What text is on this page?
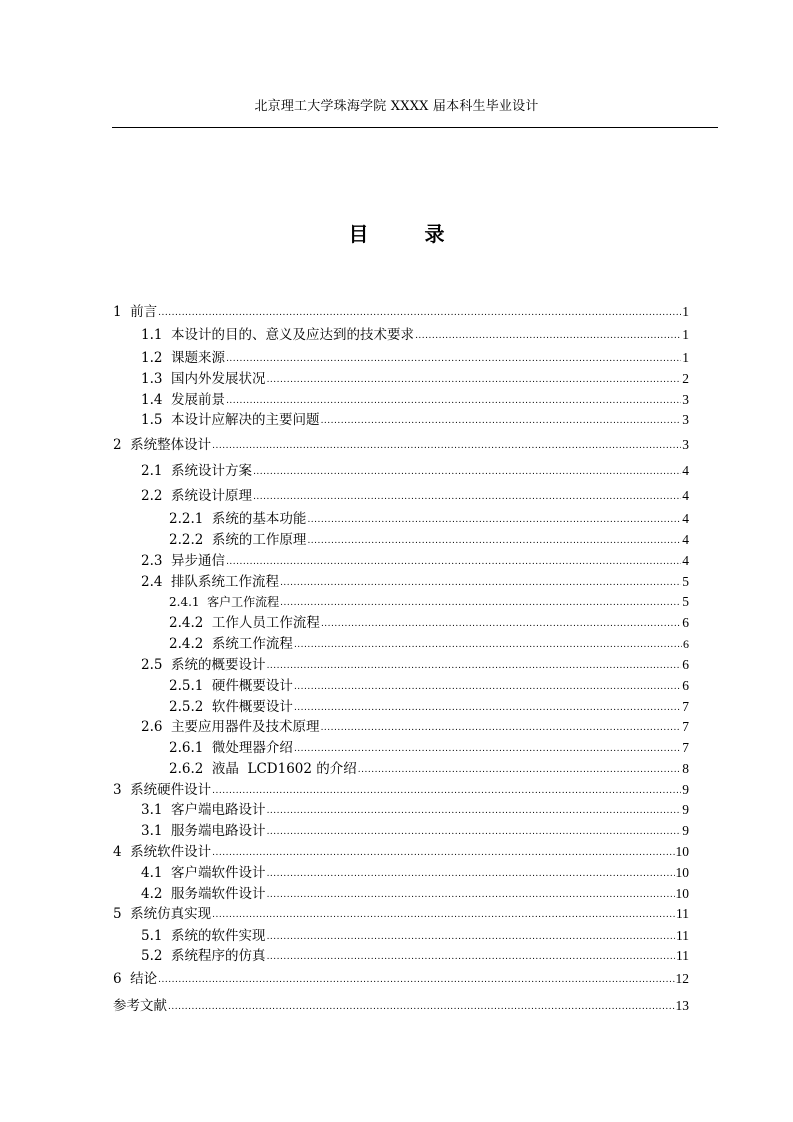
北京理工大学珠海学院 XXXX 届本科生毕业设计
目　录
1  前言 .....	1
1.1  本设计的目的、意义及应达到的技术要求 .....	1
1.2  课题来源 .....	1
1.3  国内外发展状况 .....	2
1.4  发展前景 .....	3
1.5  本设计应解决的主要问题 .....	3
2  系统整体设计 .....	3
2.1  系统设计方案 .....	4
2.2  系统设计原理 .....	4
2.2.1  系统的基本功能 .....	4
2.2.2  系统的工作原理 .....	4
2.3  异步通信 .....	4
2.4  排队系统工作流程 .....	5
2.4.1  客户工作流程 .....	5
2.4.2  工作人员工作流程 .....	6
2.4.2  系统工作流程 .....	6
2.5  系统的概要设计 .....	6
2.5.1  硬件概要设计 .....	6
2.5.2  软件概要设计 .....	7
2.6  主要应用器件及技术原理 .....	7
2.6.1  微处理器介绍 .....	7
2.6.2  液晶  LCD1602 的介绍 .....	8
3  系统硬件设计 .....	9
3.1  客户端电路设计 .....	9
3.1  服务端电路设计 .....	9
4  系统软件设计 .....	10
4.1  客户端软件设计 .....	10
4.2  服务端软件设计 .....	10
5  系统仿真实现 .....	11
5.1  系统的软件实现 .....	11
5.2  系统程序的仿真 .....	11
6  结论 .....	12
参考文献 .....	13
